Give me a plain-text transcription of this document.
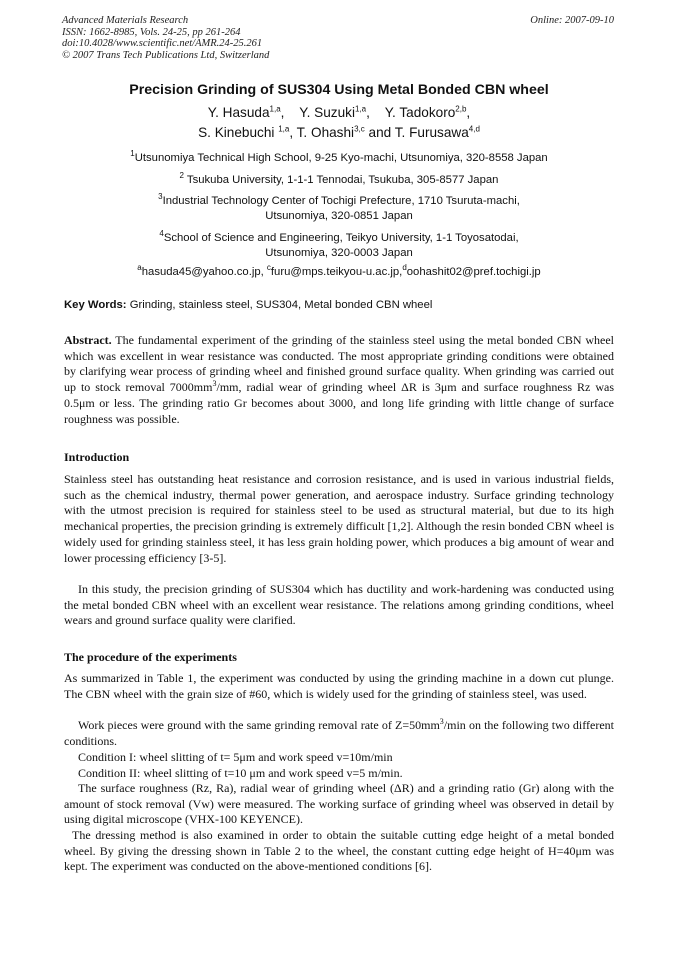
Advanced Materials Research
ISSN: 1662-8985, Vols. 24-25, pp 261-264
doi:10.4028/www.scientific.net/AMR.24-25.261
© 2007 Trans Tech Publications Ltd, Switzerland
Online: 2007-09-10
Precision Grinding of SUS304 Using Metal Bonded CBN wheel
Y. Hasuda$^{1,a}$,    Y. Suzuki$^{1,a}$,    Y. Tadokoro$^{2,b}$,
S. Kinebuchi $^{1,a}$, T. Ohashi$^{3,c}$ and T. Furusawa$^{4,d}$
$^1$Utsunomiya Technical High School, 9-25 Kyo-machi, Utsunomiya, 320-8558 Japan
$^2$ Tsukuba University, 1-1-1 Tennodai, Tsukuba, 305-8577 Japan
$^3$Industrial Technology Center of Tochigi Prefecture, 1710 Tsuruta-machi,
Utsunomiya, 320-0851 Japan
$^4$School of Science and Engineering, Teikyo University, 1-1 Toyosatodai,
Utsunomiya, 320-0003 Japan
$^a$hasuda45@yahoo.co.jp, $^c$furu@mps.teikyou-u.ac.jp,$^d$oohashit02@pref.tochigi.jp
Key Words: Grinding, stainless steel, SUS304, Metal bonded CBN wheel
Abstract. The fundamental experiment of the grinding of the stainless steel using the metal bonded CBN wheel which was excellent in wear resistance was conducted. The most appropriate grinding conditions were obtained by clarifying wear process of grinding wheel and finished ground surface quality. When grinding was carried out up to stock removal $7000mm^3/mm$, radial wear of grinding wheel ΔR is 3μm and surface roughness Rz was 0.5μm or less. The grinding ratio Gr becomes about 3000, and long life grinding with little change of surface roughness was possible.
Introduction
Stainless steel has outstanding heat resistance and corrosion resistance, and is used in various industrial fields, such as the chemical industry, thermal power generation, and aerospace industry. Surface grinding technology with the utmost precision is required for stainless steel to be used as structural material, but due to its high mechanical properties, the precision grinding is extremely difficult [1,2]. Although the resin bonded CBN wheel is widely used for grinding stainless steel, it has less grain holding power, which produces a big amount of wear and lower processing efficiency [3-5].
In this study, the precision grinding of SUS304 which has ductility and work-hardening was conducted using the metal bonded CBN wheel with an excellent wear resistance. The relations among grinding conditions, wheel wears and ground surface quality were clarified.
The procedure of the experiments
As summarized in Table 1, the experiment was conducted by using the grinding machine in a down cut plunge. The CBN wheel with the grain size of #60, which is widely used for the grinding of stainless steel, was used.
Work pieces were ground with the same grinding removal rate of $Z=50mm^3/\min$ on the following two different conditions.
Condition I: wheel slitting of t= 5μm and work speed v=10m/min
Condition II: wheel slitting of t=10 μm and work speed v=5 m/min.
The surface roughness (Rz, Ra), radial wear of grinding wheel (ΔR) and a grinding ratio (Gr) along with the amount of stock removal (Vw) were measured. The working surface of grinding wheel was observed in detail by using digital microscope (VHX-100 KEYENCE).
The dressing method is also examined in order to obtain the suitable cutting edge height of a metal bonded wheel. By giving the dressing shown in Table 2 to the wheel, the constant cutting edge height of H=40μm was kept. The experiment was conducted on the above-mentioned conditions [6].
